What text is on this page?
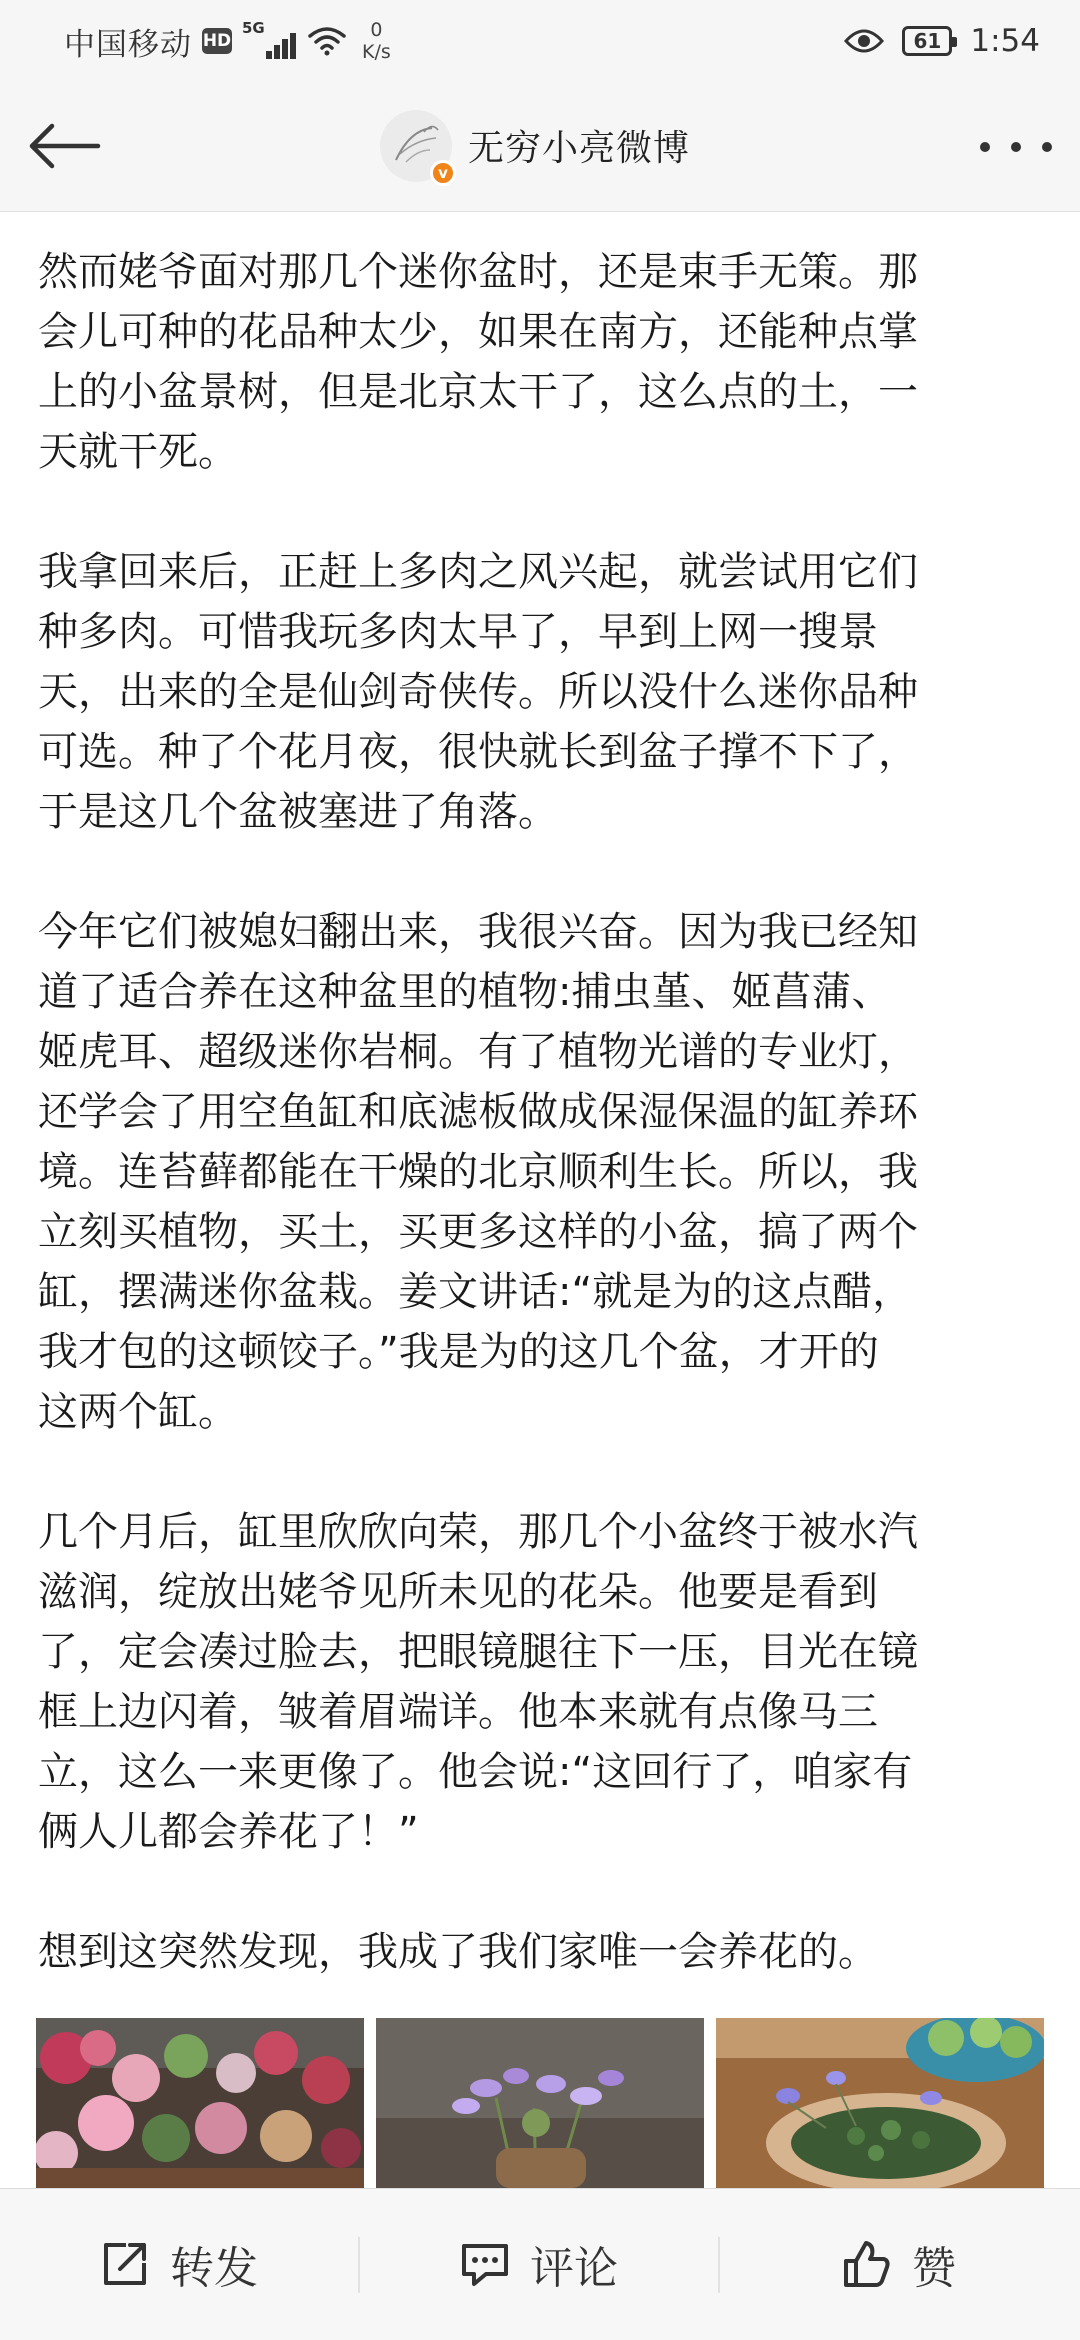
中国移动 HD
5G	0
K/s	61 1:54
v
无穷小亮微博

然而姥爷面对那几个迷你盆时，还是束手无策。那
会儿可种的花品种太少，如果在南方，还能种点掌
上的小盆景树，但是北京太干了，这么点的土，一
天就干死。

我拿回来后，正赶上多肉之风兴起，就尝试用它们
种多肉。可惜我玩多肉太早了，早到上网一搜景
天，出来的全是仙剑奇侠传。所以没什么迷你品种
可选。种了个花月夜，很快就长到盆子撑不下了，
于是这几个盆被塞进了角落。

今年它们被媳妇翻出来，我很兴奋。因为我已经知
道了适合养在这种盆里的植物:捕虫堇、姬菖蒲、
姬虎耳、超级迷你岩桐。有了植物光谱的专业灯，
还学会了用空鱼缸和底滤板做成保湿保温的缸养环
境。连苔藓都能在干燥的北京顺利生长。所以，我
立刻买植物，买土，买更多这样的小盆，搞了两个
缸，摆满迷你盆栽。姜文讲话:“就是为的这点醋，
我才包的这顿饺子。”我是为的这几个盆，才开的
这两个缸。

几个月后，缸里欣欣向荣，那几个小盆终于被水汽
滋润，绽放出姥爷见所未见的花朵。他要是看到
了，定会凑过脸去，把眼镜腿往下一压，目光在镜
框上边闪着，皱着眉端详。他本来就有点像马三
立，这么一来更像了。他会说:“这回行了，咱家有
俩人儿都会养花了！”

想到这突然发现，我成了我们家唯一会养花的。

转发	评论	赞
